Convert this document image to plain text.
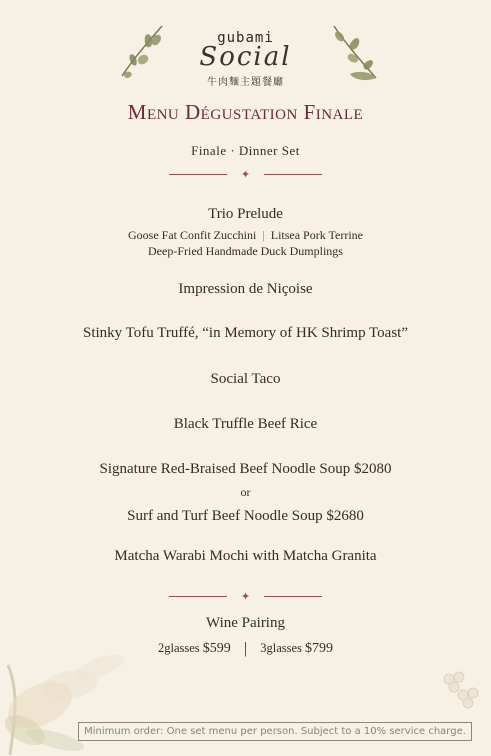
gubami
Social
牛肉麵主題餐廳
Menu Dégustation Finale
Finale · Dinner Set
✦
Trio Prelude
Goose Fat Confit Zucchini | Litsea Pork Terrine
Deep-Fried Handmade Duck Dumplings
Impression de Niçoise
Stinky Tofu Truffé, “in Memory of HK Shrimp Toast”
Social Taco
Black Truffle Beef Rice
Signature Red-Braised Beef Noodle Soup $2080
or
Surf and Turf Beef Noodle Soup $2680
Matcha Warabi Mochi with Matcha Granita
✦
Wine Pairing
2glasses $599 | 3glasses $799
Minimum order: One set menu per person. Subject to a 10% service charge.
